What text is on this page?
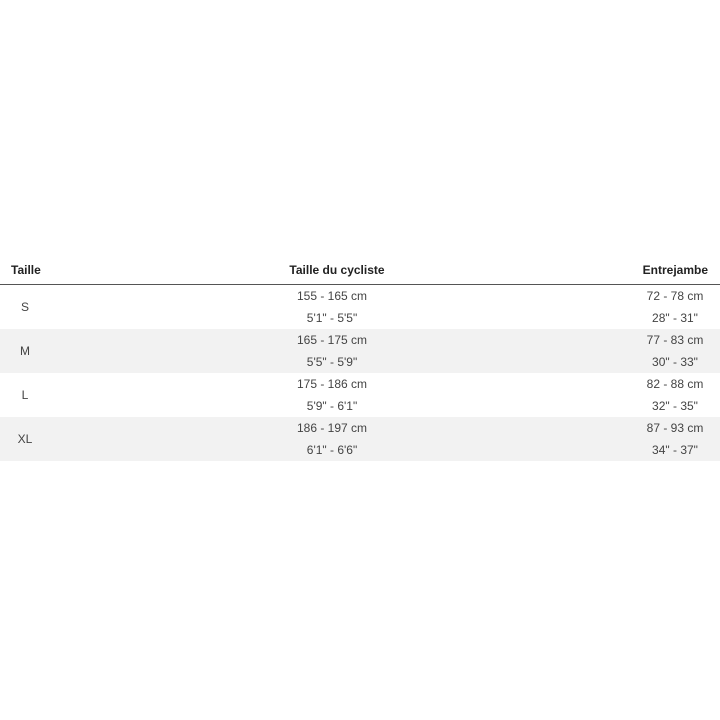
Taille	Taille du cycliste	Entrejambe
S
155 - 165 cm
5'1" - 5'5"
72 - 78 cm
28" - 31"
M
165 - 175 cm
5'5" - 5'9"
77 - 83 cm
30" - 33"
L
175 - 186 cm
5'9" - 6'1"
82 - 88 cm
32" - 35"
XL
186 - 197 cm
6'1" - 6'6"
87 - 93 cm
34" - 37"
